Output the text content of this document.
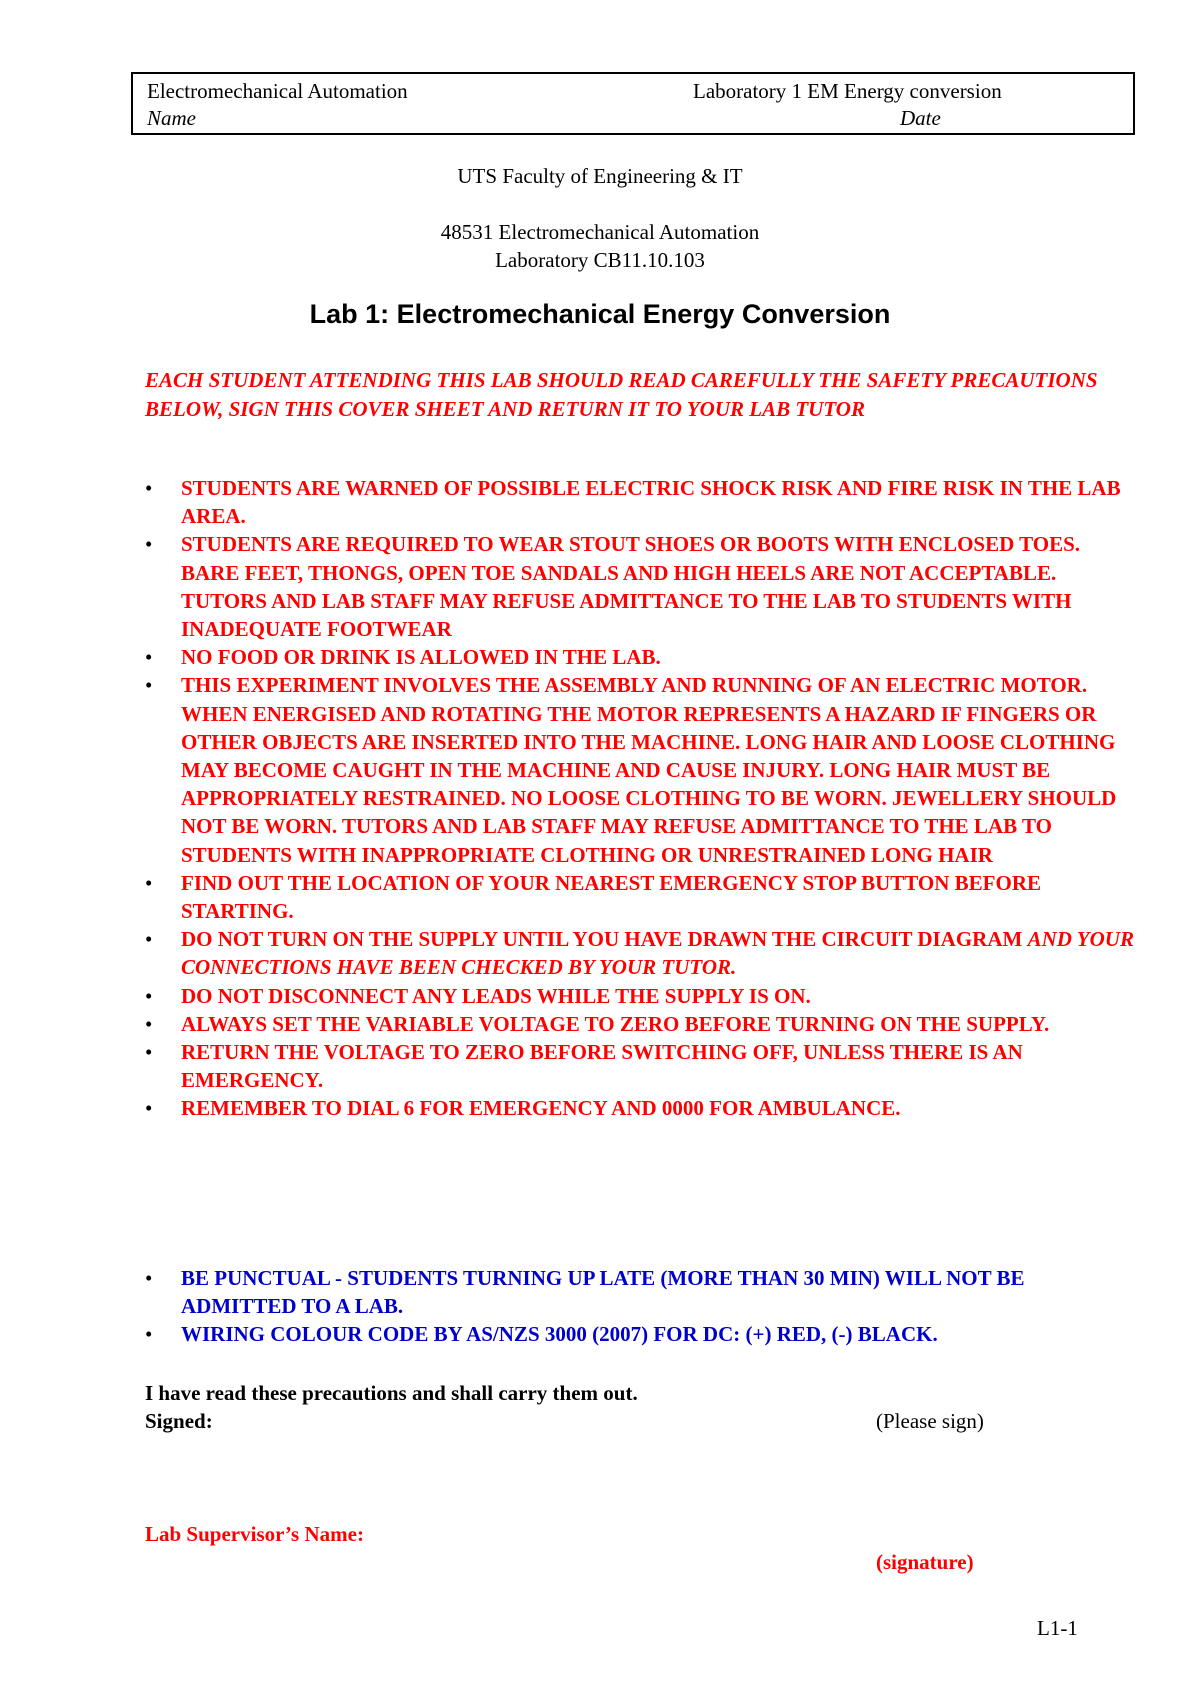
Electromechanical Automation	Laboratory 1 EM Energy conversion
Name	Date
UTS Faculty of Engineering & IT
48531 Electromechanical Automation
Laboratory CB11.10.103
Lab 1: Electromechanical Energy Conversion
EACH STUDENT ATTENDING THIS LAB SHOULD READ CAREFULLY THE SAFETY PRECAUTIONS BELOW, SIGN THIS COVER SHEET AND RETURN IT TO YOUR LAB TUTOR
• STUDENTS ARE WARNED OF POSSIBLE ELECTRIC SHOCK RISK AND FIRE RISK IN THE LAB AREA.
• STUDENTS ARE REQUIRED TO WEAR STOUT SHOES OR BOOTS WITH ENCLOSED TOES. BARE FEET, THONGS, OPEN TOE SANDALS AND HIGH HEELS ARE NOT ACCEPTABLE. TUTORS AND LAB STAFF MAY REFUSE ADMITTANCE TO THE LAB TO STUDENTS WITH INADEQUATE FOOTWEAR
• NO FOOD OR DRINK IS ALLOWED IN THE LAB.
• THIS EXPERIMENT INVOLVES THE ASSEMBLY AND RUNNING OF AN ELECTRIC MOTOR. WHEN ENERGISED AND ROTATING THE MOTOR REPRESENTS A HAZARD IF FINGERS OR OTHER OBJECTS ARE INSERTED INTO THE MACHINE. LONG HAIR AND LOOSE CLOTHING MAY BECOME CAUGHT IN THE MACHINE AND CAUSE INJURY. LONG HAIR MUST BE APPROPRIATELY RESTRAINED. NO LOOSE CLOTHING TO BE WORN. JEWELLERY SHOULD NOT BE WORN. TUTORS AND LAB STAFF MAY REFUSE ADMITTANCE TO THE LAB TO STUDENTS WITH INAPPROPRIATE CLOTHING OR UNRESTRAINED LONG HAIR
• FIND OUT THE LOCATION OF YOUR NEAREST EMERGENCY STOP BUTTON BEFORE STARTING.
• DO NOT TURN ON THE SUPPLY UNTIL YOU HAVE DRAWN THE CIRCUIT DIAGRAM AND YOUR CONNECTIONS HAVE BEEN CHECKED BY YOUR TUTOR.
• DO NOT DISCONNECT ANY LEADS WHILE THE SUPPLY IS ON.
• ALWAYS SET THE VARIABLE VOLTAGE TO ZERO BEFORE TURNING ON THE SUPPLY.
• RETURN THE VOLTAGE TO ZERO BEFORE SWITCHING OFF, UNLESS THERE IS AN EMERGENCY.
• REMEMBER TO DIAL 6 FOR EMERGENCY AND 0000 FOR AMBULANCE.
• BE PUNCTUAL - STUDENTS TURNING UP LATE (MORE THAN 30 MIN) WILL NOT BE ADMITTED TO A LAB.
• WIRING COLOUR CODE BY AS/NZS 3000 (2007) FOR DC: (+) RED, (-) BLACK.
I have read these precautions and shall carry them out.
Signed:	(Please sign)
Lab Supervisor’s Name:
(signature)
L1-1
